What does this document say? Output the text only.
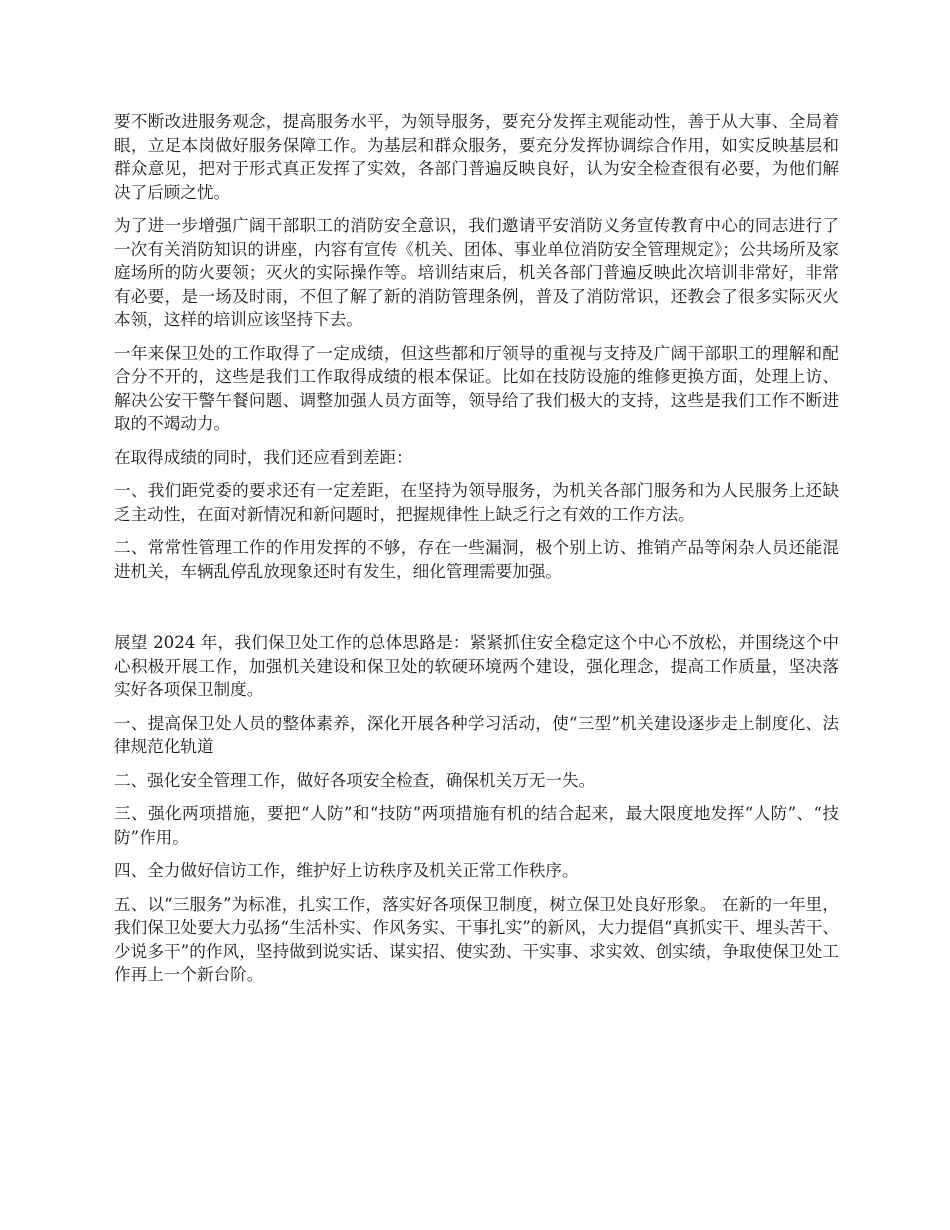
要不断改进服务观念，提高服务水平，为领导服务，要充分发挥主观能动性，善于从大事、全局着眼，立足本岗做好服务保障工作。为基层和群众服务，要充分发挥协调综合作用，如实反映基层和群众意见，把对于形式真正发挥了实效，各部门普遍反映良好，认为安全检查很有必要，为他们解决了后顾之忧。

为了进一步增强广阔干部职工的消防安全意识，我们邀请平安消防义务宣传教育中心的同志进行了一次有关消防知识的讲座，内容有宣传《机关、团体、事业单位消防安全管理规定》；公共场所及家庭场所的防火要领；灭火的实际操作等。培训结束后，机关各部门普遍反映此次培训非常好，非常有必要，是一场及时雨，不但了解了新的消防管理条例，普及了消防常识，还教会了很多实际灭火本领，这样的培训应该坚持下去。

一年来保卫处的工作取得了一定成绩，但这些都和厅领导的重视与支持及广阔干部职工的理解和配合分不开的，这些是我们工作取得成绩的根本保证。比如在技防设施的维修更换方面，处理上访、解决公安干警午餐问题、调整加强人员方面等，领导给了我们极大的支持，这些是我们工作不断进取的不竭动力。

在取得成绩的同时，我们还应看到差距：

一、我们距党委的要求还有一定差距，在坚持为领导服务，为机关各部门服务和为人民服务上还缺乏主动性，在面对新情况和新问题时，把握规律性上缺乏行之有效的工作方法。

二、常常性管理工作的作用发挥的不够，存在一些漏洞，极个别上访、推销产品等闲杂人员还能混进机关，车辆乱停乱放现象还时有发生，细化管理需要加强。

展望 2024 年，我们保卫处工作的总体思路是：紧紧抓住安全稳定这个中心不放松，并围绕这个中心积极开展工作，加强机关建设和保卫处的软硬环境两个建设，强化理念，提高工作质量，坚决落实好各项保卫制度。

一、提高保卫处人员的整体素养，深化开展各种学习活动，使“三型”机关建设逐步走上制度化、法律规范化轨道

二、强化安全管理工作，做好各项安全检查，确保机关万无一失。

三、强化两项措施，要把“人防”和“技防”两项措施有机的结合起来，最大限度地发挥“人防”、“技防”作用。

四、全力做好信访工作，维护好上访秩序及机关正常工作秩序。

五、以“三服务”为标准，扎实工作，落实好各项保卫制度，树立保卫处良好形象。 在新的一年里，我们保卫处要大力弘扬“生活朴实、作风务实、干事扎实”的新风，大力提倡“真抓实干、埋头苦干、少说多干”的作风，坚持做到说实话、谋实招、使实劲、干实事、求实效、创实绩，争取使保卫处工作再上一个新台阶。
